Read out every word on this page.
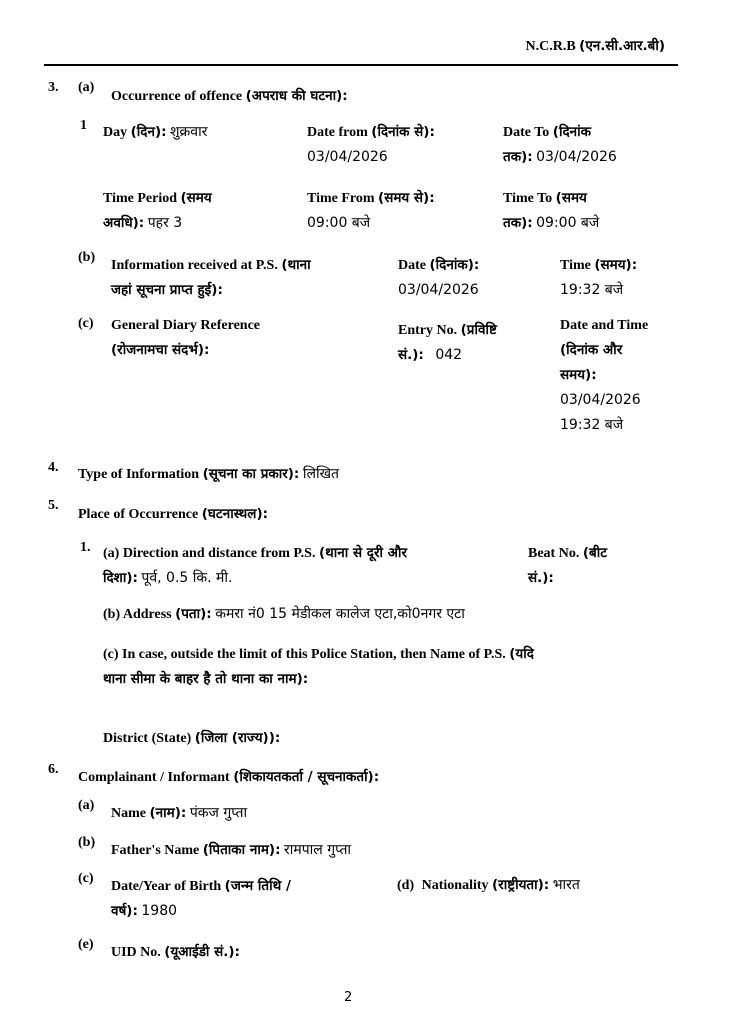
N.C.R.B (एन.सी.आर.बी)
3. (a)
Occurrence of offence (अपराध की घटना):
1 Day (दिन): शुक्रवार	Date from (दिनांक से):
03/04/2026
Date To (दिनांक
तक): 03/04/2026
Time Period (समय
अवधि): पहर 3
Time From (समय से):
09:00 बजे
Time To (समय
तक): 09:00 बजे
(b)
Information received at P.S. (थाना
जहां सूचना प्राप्त हुई):
Date (दिनांक):
03/04/2026
Time (समय):
19:32 बजे
(c) General Diary Reference
(रोजनामचा संदर्भ):
Entry No. (प्रविष्टि
सं.): 042
Date and Time
(दिनांक और
समय):
03/04/2026
19:32 बजे
4. Type of Information (सूचना का प्रकार): लिखित
5.
Place of Occurrence (घटनास्थल):
1. (a) Direction and distance from P.S. (थाना से दूरी और
दिशा): पूर्व, 0.5 कि. मी.
Beat No. (बीट
सं.):
(b) Address (पता): कमरा नं0 15 मेडीकल कालेज एटा,को0नगर एटा
(c) In case, outside the limit of this Police Station, then Name of P.S. (यदि
थाना सीमा के बाहर है तो थाना का नाम):
District (State) (जिला (राज्य)):
6.
Complainant / Informant (शिकायतकर्ता / सूचनाकर्ता):
(a)
Name (नाम): पंकज गुप्ता
(b)
Father's Name (पिताका नाम): रामपाल गुप्ता
(c)
Date/Year of Birth (जन्म तिथि /
वर्ष): 1980
(d) Nationality (राष्ट्रीयता): भारत
(e)
UID No. (यूआईडी सं.):
2
